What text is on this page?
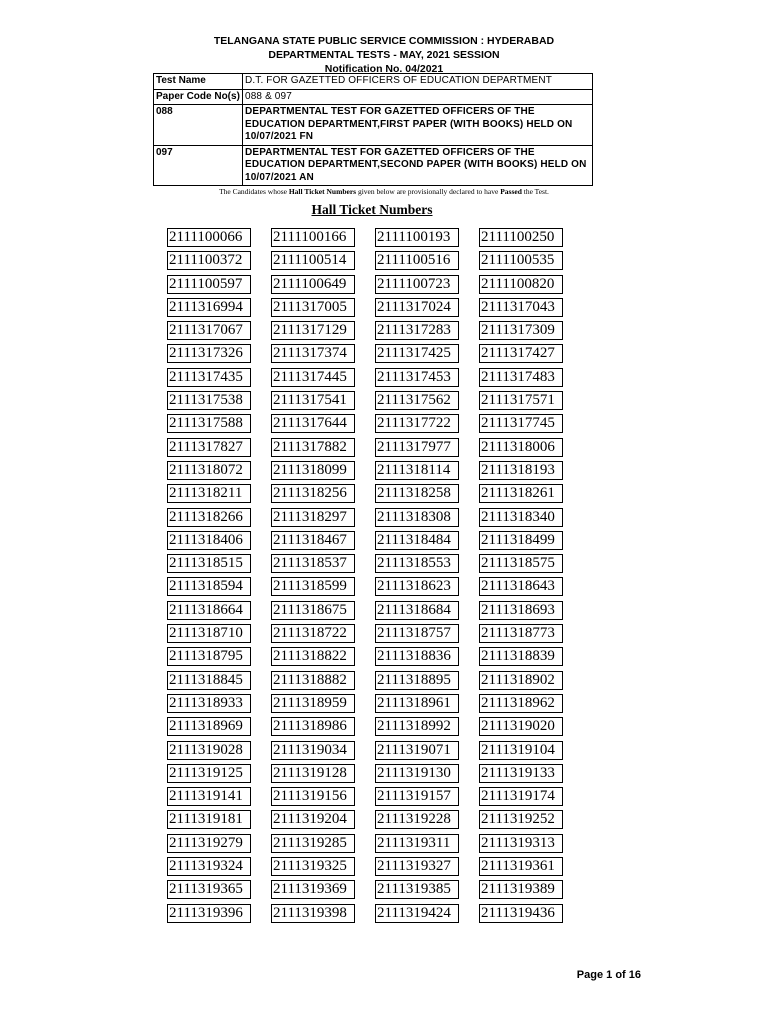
TELANGANA STATE PUBLIC SERVICE COMMISSION : HYDERABAD
DEPARTMENTAL TESTS - MAY, 2021 SESSION
Notification No. 04/2021
Test Name	D.T. FOR GAZETTED OFFICERS OF EDUCATION DEPARTMENT
Paper Code No(s)	088 & 097
088	DEPARTMENTAL TEST FOR GAZETTED OFFICERS OF THE EDUCATION DEPARTMENT,FIRST PAPER (WITH BOOKS) HELD ON 10/07/2021 FN
097	DEPARTMENTAL TEST FOR GAZETTED OFFICERS OF THE EDUCATION DEPARTMENT,SECOND PAPER (WITH BOOKS) HELD ON 10/07/2021 AN
The Candidates whose Hall Ticket Numbers given below are provisionally declared to have Passed the Test.
Hall Ticket Numbers
2111100066	2111100166	2111100193	2111100250
2111100372	2111100514	2111100516	2111100535
2111100597	2111100649	2111100723	2111100820
2111316994	2111317005	2111317024	2111317043
2111317067	2111317129	2111317283	2111317309
2111317326	2111317374	2111317425	2111317427
2111317435	2111317445	2111317453	2111317483
2111317538	2111317541	2111317562	2111317571
2111317588	2111317644	2111317722	2111317745
2111317827	2111317882	2111317977	2111318006
2111318072	2111318099	2111318114	2111318193
2111318211	2111318256	2111318258	2111318261
2111318266	2111318297	2111318308	2111318340
2111318406	2111318467	2111318484	2111318499
2111318515	2111318537	2111318553	2111318575
2111318594	2111318599	2111318623	2111318643
2111318664	2111318675	2111318684	2111318693
2111318710	2111318722	2111318757	2111318773
2111318795	2111318822	2111318836	2111318839
2111318845	2111318882	2111318895	2111318902
2111318933	2111318959	2111318961	2111318962
2111318969	2111318986	2111318992	2111319020
2111319028	2111319034	2111319071	2111319104
2111319125	2111319128	2111319130	2111319133
2111319141	2111319156	2111319157	2111319174
2111319181	2111319204	2111319228	2111319252
2111319279	2111319285	2111319311	2111319313
2111319324	2111319325	2111319327	2111319361
2111319365	2111319369	2111319385	2111319389
2111319396	2111319398	2111319424	2111319436
Page 1 of 16
